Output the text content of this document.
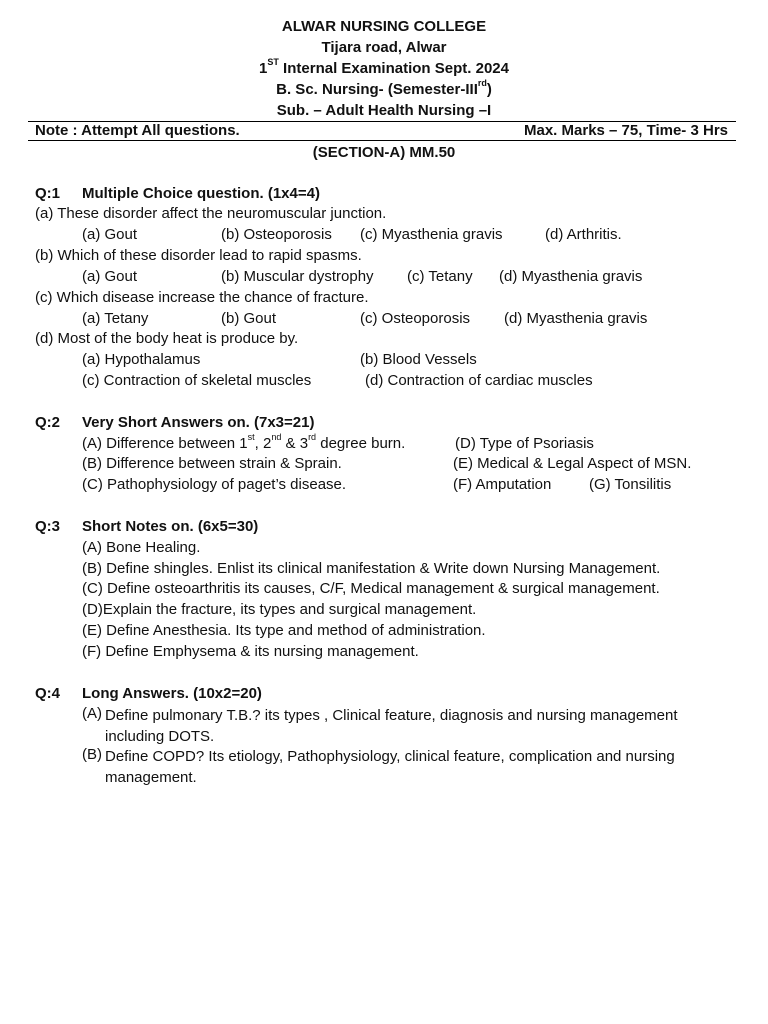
ALWAR NURSING COLLEGE
Tijara road, Alwar
1ST Internal Examination Sept. 2024
B. Sc. Nursing- (Semester-IIIrd)
Sub. – Adult Health Nursing –I
Note : Attempt All questions.	Max. Marks – 75, Time- 3 Hrs
(SECTION-A) MM.50
Q:1 Multiple Choice question. (1x4=4)
(a) These disorder affect the neuromuscular junction.
(a) Gout	(b) Osteoporosis (c) Myasthenia gravis	(d) Arthritis.
(b) Which of these disorder lead to rapid spasms.
(a) Gout	(b) Muscular dystrophy (c) Tetany (d) Myasthenia gravis
(c) Which disease increase the chance of fracture.
(a) Tetany	(b) Gout	(c) Osteoporosis (d) Myasthenia gravis
(d) Most of the body heat is produce by.
(a) Hypothalamus	(b) Blood Vessels
(c) Contraction of skeletal muscles	(d) Contraction of cardiac muscles
Q:2 Very Short Answers on. (7x3=21)
(A) Difference between 1st, 2nd & 3rd degree burn.	(D) Type of Psoriasis
(B) Difference between strain & Sprain.	(E) Medical & Legal Aspect of MSN.
(C) Pathophysiology of paget’s disease.	(F) Amputation	(G) Tonsilitis
Q:3 Short Notes on. (6x5=30)
(A) Bone Healing.
(B) Define shingles. Enlist its clinical manifestation & Write down Nursing Management.
(C) Define osteoarthritis its causes, C/F, Medical management & surgical management.
(D)Explain the fracture, its types and surgical management.
(E) Define Anesthesia. Its type and method of administration.
(F) Define Emphysema & its nursing management.
Q:4 Long Answers. (10x2=20)
(A) Define pulmonary T.B.? its types , Clinical feature, diagnosis and nursing management including DOTS.
(B) Define COPD? Its etiology, Pathophysiology, clinical feature, complication and nursing management.
